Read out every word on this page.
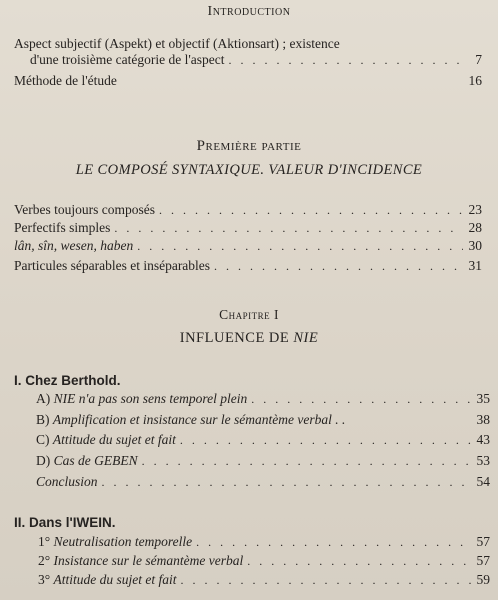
Introduction
Aspect subjectif (Aspekt) et objectif (Aktionsart) ; existence
d'une troisième catégorie de l'aspect . . .	7
Méthode de l'étude	16
Première partie
LE COMPOSÉ SYNTAXIQUE. VALEUR D'INCIDENCE
Verbes toujours composés . . .	23
Perfectifs simples . . .	28
lân, sîn, wesen, haben . . .	30
Particules séparables et inséparables . . .	31
Chapitre I
INFLUENCE DE NIE
I. Chez Berthold.
A) NIE n'a pas son sens temporel plein . . .	35
B) Amplification et insistance sur le sémantème verbal . .	38
C) Attitude du sujet et fait . . .	43
D) Cas de GEBEN . . .	53
Conclusion . . .	54
II. Dans l'IWEIN.
1° Neutralisation temporelle . . .	57
2° Insistance sur le sémantème verbal . . .	57
3° Attitude du sujet et fait . . .	59
